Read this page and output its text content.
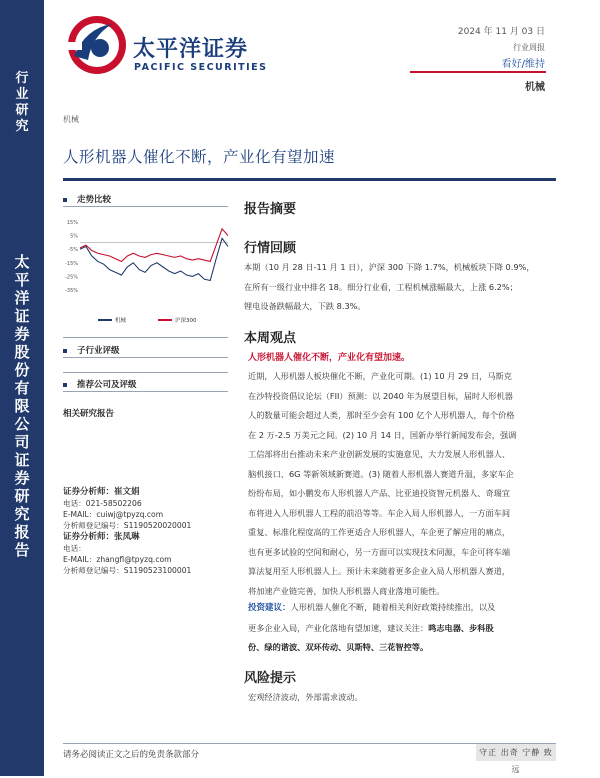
行
业
研
究
太
平
洋
证
券
股
份
有
限
公
司
证
券
研
究
报
告
太平洋证券
PACIFIC SECURITIES
2024 年 11 月 03 日
行业周报
看好/维持
机械
机械
人形机器人催化不断，产业化有望加速
走势比较
15%
5%
-5%
-15%
-25%
-35%
机械	沪深300
子行业评级
推荐公司及评级
相关研究报告
证券分析师：崔文娟
电话：021-58502206
E-MAIL：cuiwj@tpyzq.com
分析师登记编号：S1190520020001
证券分析师：张凤琳
电话：
E-MAIL：zhangfl@tpyzq.com
分析师登记编号：S1190523100001
报告摘要
行情回顾
本期（10 月 28 日-11 月 1 日），沪深 300 下降 1.7%，机械板块下降 0.9%，
在所有一级行业中排名 18。细分行业看，工程机械涨幅最大，上涨 6.2%；
锂电设备跌幅最大，下跌 8.3%。
本周观点
人形机器人催化不断，产业化有望加速。
近期，人形机器人板块催化不断，产业化可期。(1) 10 月 29 日，马斯克
在沙特投资倡议论坛（FII）预测：以 2040 年为展望目标，届时人形机器
人的数量可能会超过人类，那时至少会有 100 亿个人形机器人，每个价格
在 2 万-2.5 万美元之间。(2) 10 月 14 日，国新办举行新闻发布会，强调
工信部将出台推动未来产业创新发展的实施意见，大力发展人形机器人、
脑机接口、6G 等新领域新赛道。(3) 随着人形机器人赛道升温，多家车企
纷纷布局，如小鹏发布人形机器人产品、比亚迪投资智元机器人、奇瑞宜
布将进入人形机器人工程的前沿等等。车企入局人形机器人，一方面车间
重复、标准化程度高的工作更适合人形机器人，车企更了解应用的痛点，
也有更多试验的空间和耐心，另一方面可以实现技术同源，车企可将车端
算法复用至人形机器人上。预计未来随着更多企业入局人形机器人赛道，
将加速产业链完善，加快人形机器人商业落地可能性。
投资建议：人形机器人催化不断，随着相关利好政策持续推出，以及
更多企业入局，产业化落地有望加速，建议关注：鸣志电器、步科股
份、绿的谐波、双环传动、贝斯特、三花智控等。
风险提示
宏观经济波动，外部需求波动。
请务必阅读正文之后的免责条款部分	守正 出奇 宁静 致远
